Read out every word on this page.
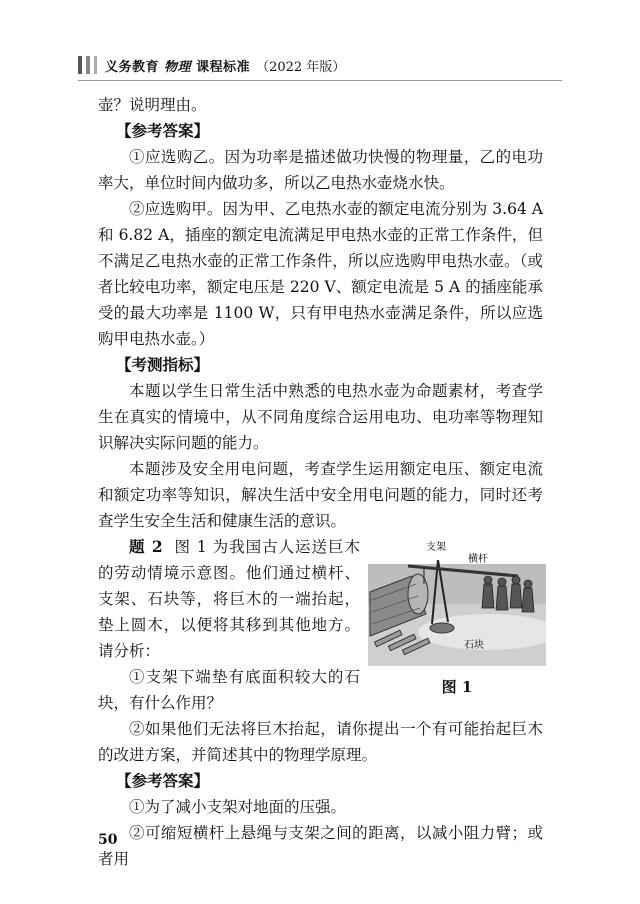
义务教育 物理 课程标准 （2022 年版）

壶？说明理由。

【参考答案】

①应选购乙。因为功率是描述做功快慢的物理量，乙的电功率大，单位时间内做功多，所以乙电热水壶烧水快。

②应选购甲。因为甲、乙电热水壶的额定电流分别为 3.64 A 和 6.82 A，插座的额定电流满足甲电热水壶的正常工作条件，但不满足乙电热水壶的正常工作条件，所以应选购甲电热水壶。（或者比较电功率，额定电压是 220 V、额定电流是 5 A 的插座能承受的最大功率是 1100 W，只有甲电热水壶满足条件，所以应选购甲电热水壶。）

【考测指标】

本题以学生日常生活中熟悉的电热水壶为命题素材，考查学生在真实的情境中，从不同角度综合运用电功、电功率等物理知识解决实际问题的能力。

本题涉及安全用电问题，考查学生运用额定电压、额定电流和额定功率等知识，解决生活中安全用电问题的能力，同时还考查学生安全生活和健康生活的意识。

题 2 图 1 为我国古人运送巨木的劳动情境示意图。他们通过横杆、支架、石块等，将巨木的一端抬起，垫上圆木，以便将其移到其他地方。请分析：

①支架下端垫有底面积较大的石块，有什么作用？

支架
横杆
石块
图 1

②如果他们无法将巨木抬起，请你提出一个有可能抬起巨木的改进方案，并简述其中的物理学原理。

【参考答案】

①为了减小支架对地面的压强。

②可缩短横杆上悬绳与支架之间的距离，以减小阻力臂；或者用

50
